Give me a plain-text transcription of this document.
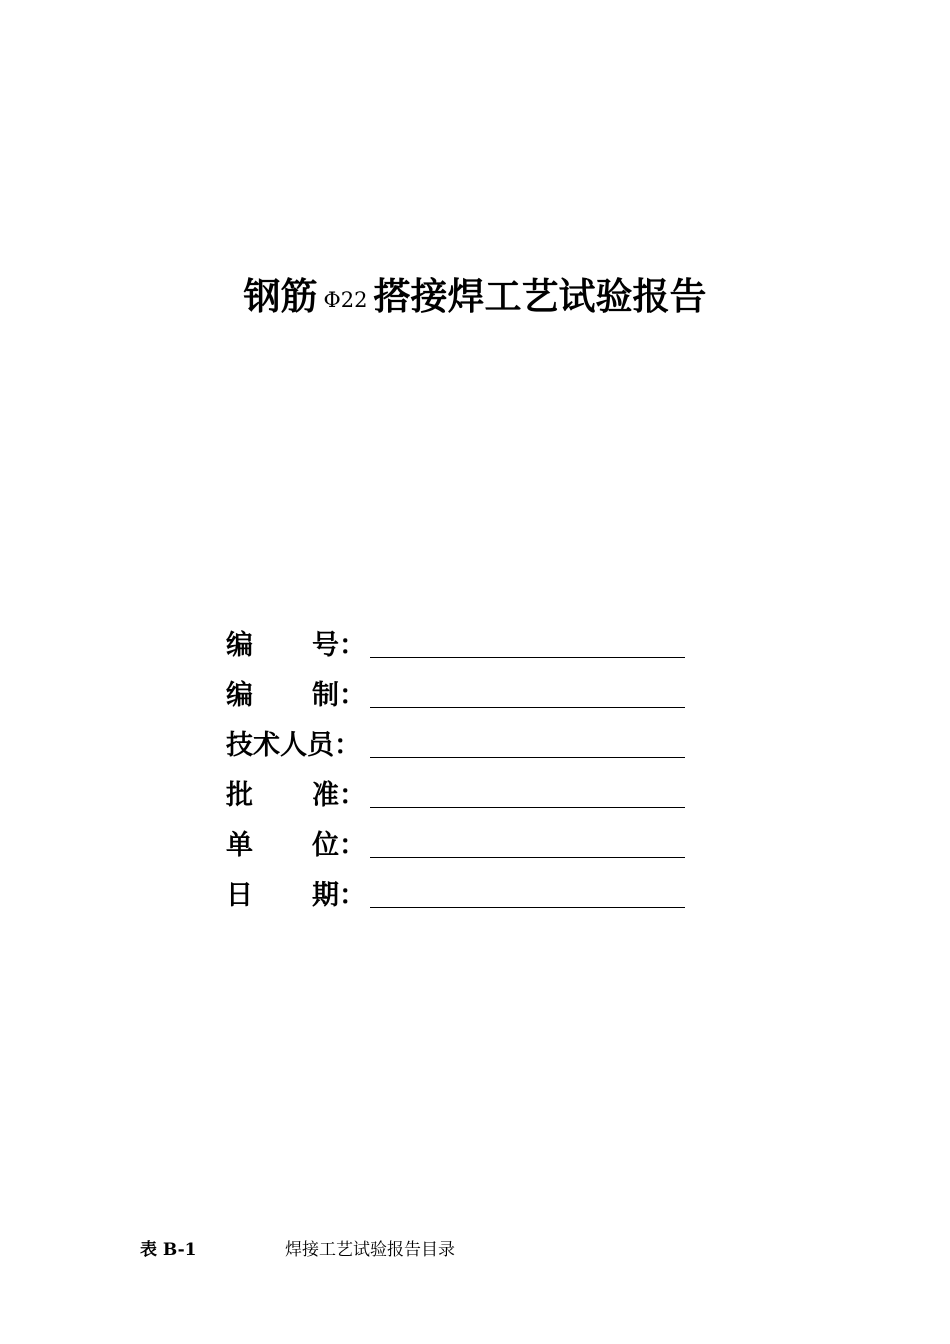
钢筋 Φ22 搭接焊工艺试验报告
编 号：
编 制：
技术人员：
批 准：
单 位：
日 期：
表 B-1	焊接工艺试验报告目录
